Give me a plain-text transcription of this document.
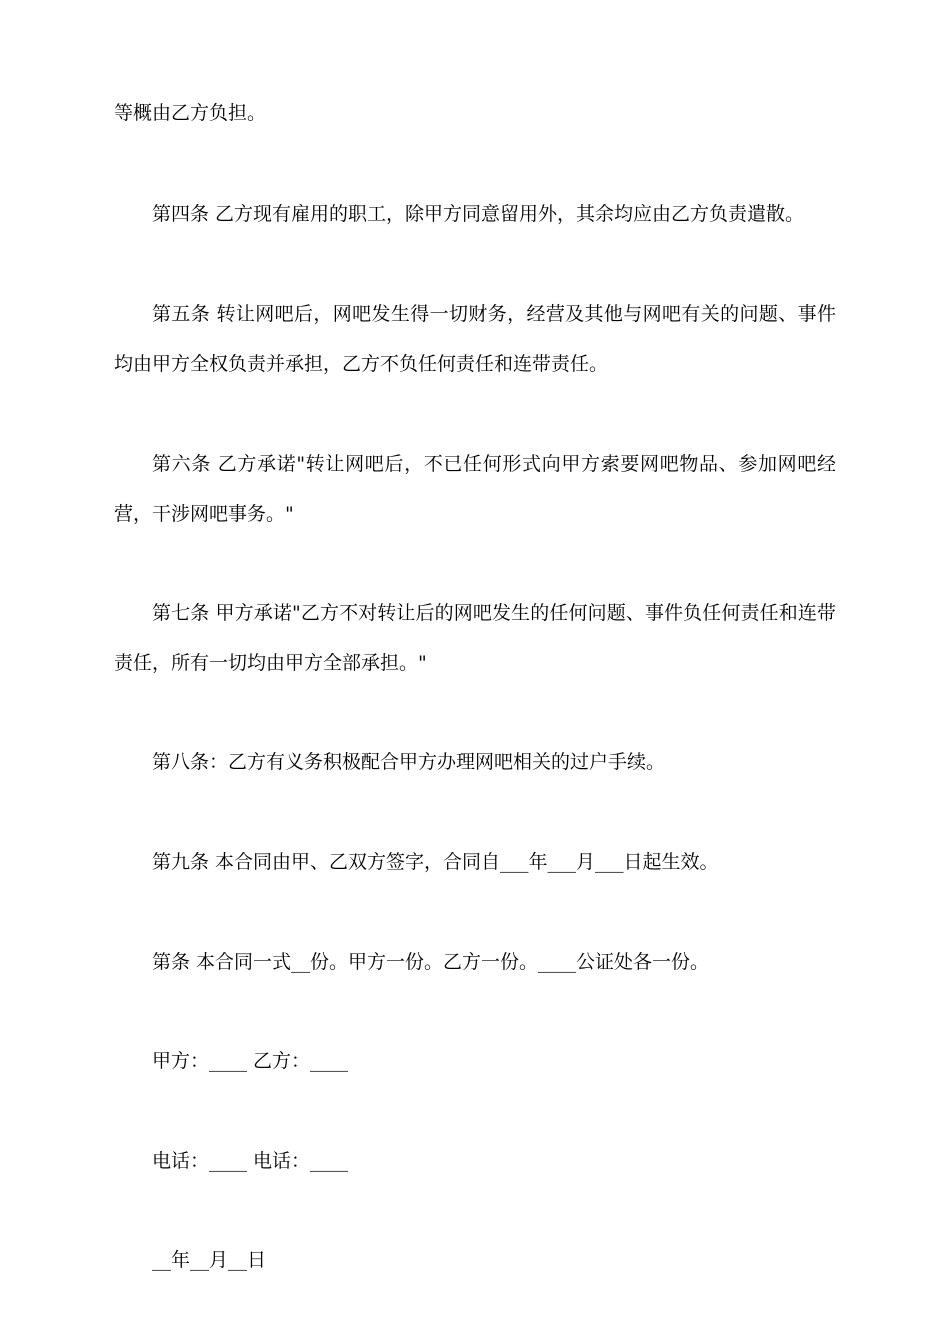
等概由乙方负担。

第四条 乙方现有雇用的职工，除甲方同意留用外，其余均应由乙方负责遣散。

第五条 转让网吧后，网吧发生得一切财务，经营及其他与网吧有关的问题、事件均由甲方全权负责并承担，乙方不负任何责任和连带责任。

第六条 乙方承诺"转让网吧后，不已任何形式向甲方索要网吧物品、参加网吧经营，干涉网吧事务。"

第七条 甲方承诺"乙方不对转让后的网吧发生的任何问题、事件负任何责任和连带责任，所有一切均由甲方全部承担。"

第八条：乙方有义务积极配合甲方办理网吧相关的过户手续。

第九条 本合同由甲、乙双方签字，合同自___年___月___日起生效。

第条 本合同一式__份。甲方一份。乙方一份。____公证处各一份。

甲方：____ 乙方：____

电话：____ 电话：____

__年__月__日
